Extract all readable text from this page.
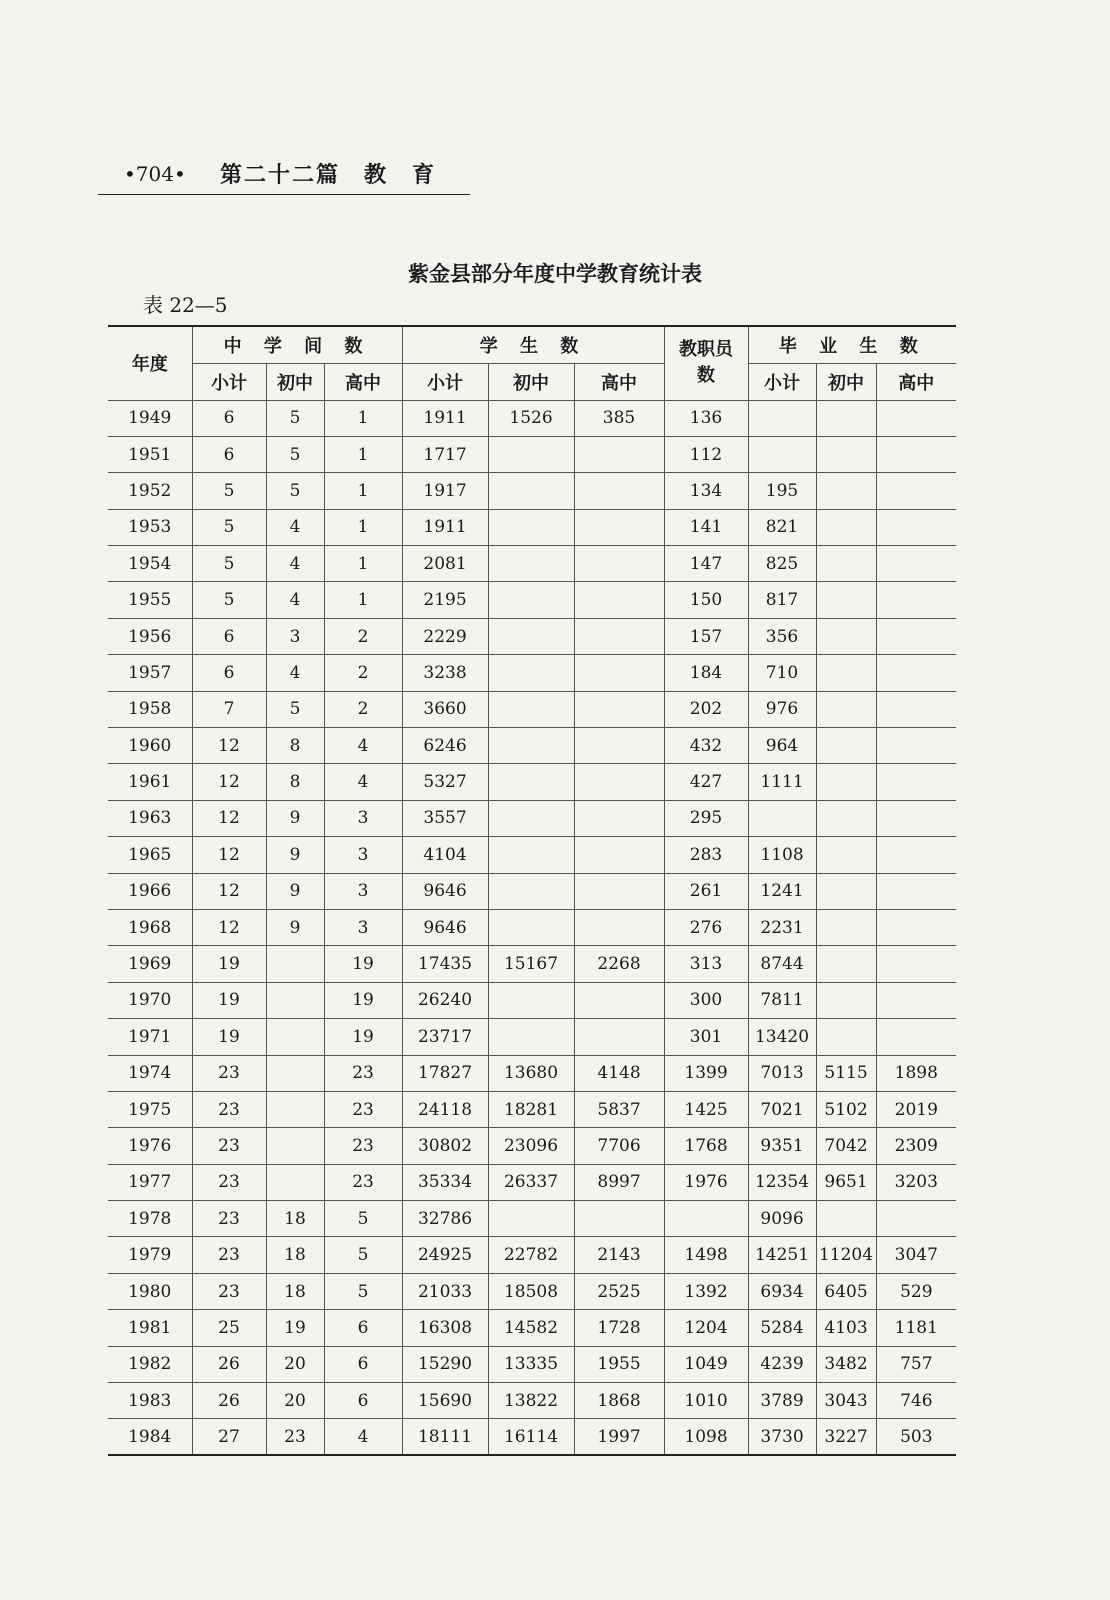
•704• 第二十二篇　教　育
紫金县部分年度中学教育统计表
表 22—5
年度	中 学 间 数			学 生 数			教职员数	毕 业 生 数		
	小计	初中	高中	小计	初中	高中		小计	初中	高中
1949	6	5	1	1911	1526	385	136			
1951	6	5	1	1717			112			
1952	5	5	1	1917			134	195		
1953	5	4	1	1911			141	821		
1954	5	4	1	2081			147	825		
1955	5	4	1	2195			150	817		
1956	6	3	2	2229			157	356		
1957	6	4	2	3238			184	710		
1958	7	5	2	3660			202	976		
1960	12	8	4	6246			432	964		
1961	12	8	4	5327			427	1111		
1963	12	9	3	3557			295			
1965	12	9	3	4104			283	1108		
1966	12	9	3	9646			261	1241		
1968	12	9	3	9646			276	2231		
1969	19		19	17435	15167	2268	313	8744		
1970	19		19	26240			300	7811		
1971	19		19	23717			301	13420		
1974	23		23	17827	13680	4148	1399	7013	5115	1898
1975	23		23	24118	18281	5837	1425	7021	5102	2019
1976	23		23	30802	23096	7706	1768	9351	7042	2309
1977	23		23	35334	26337	8997	1976	12354	9651	3203
1978	23	18	5	32786				9096		
1979	23	18	5	24925	22782	2143	1498	14251	11204	3047
1980	23	18	5	21033	18508	2525	1392	6934	6405	529
1981	25	19	6	16308	14582	1728	1204	5284	4103	1181
1982	26	20	6	15290	13335	1955	1049	4239	3482	757
1983	26	20	6	15690	13822	1868	1010	3789	3043	746
1984	27	23	4	18111	16114	1997	1098	3730	3227	503
